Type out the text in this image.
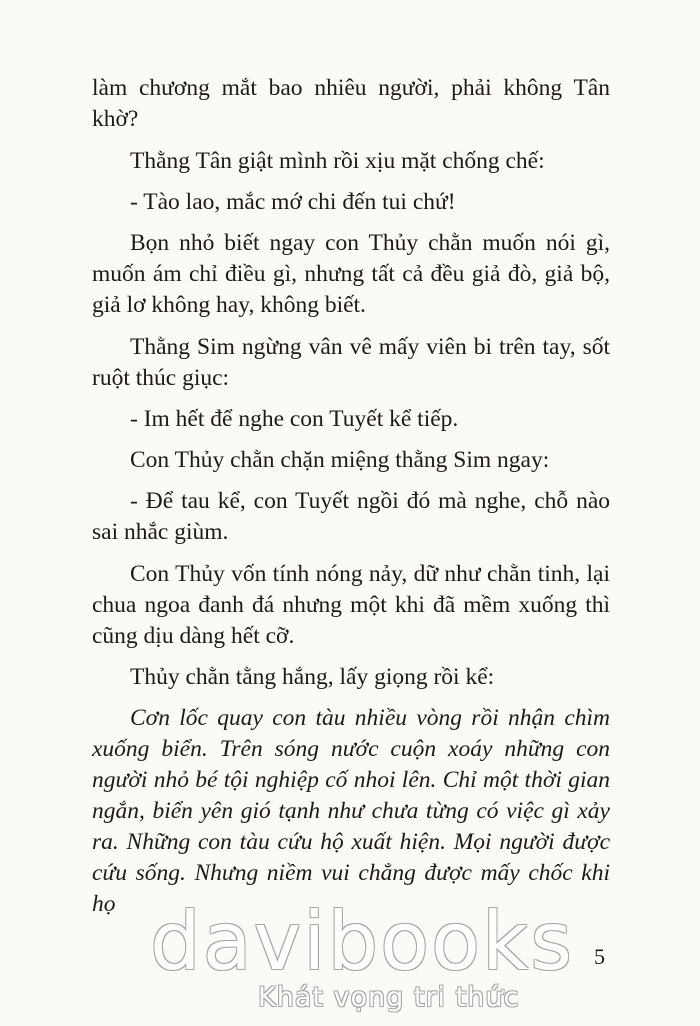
làm chương mắt bao nhiêu người, phải không Tân khờ?

Thằng Tân giật mình rồi xịu mặt chống chế:

- Tào lao, mắc mớ chi đến tui chứ!

Bọn nhỏ biết ngay con Thủy chằn muốn nói gì, muốn ám chỉ điều gì, nhưng tất cả đều giả đò, giả bộ, giả lơ không hay, không biết.

Thằng Sim ngừng vân vê mấy viên bi trên tay, sốt ruột thúc giục:

- Im hết để nghe con Tuyết kể tiếp.

Con Thủy chằn chặn miệng thằng Sim ngay:

- Để tau kể, con Tuyết ngồi đó mà nghe, chỗ nào sai nhắc giùm.

Con Thủy vốn tính nóng nảy, dữ như chằn tinh, lại chua ngoa đanh đá nhưng một khi đã mềm xuống thì cũng dịu dàng hết cỡ.

Thủy chằn tằng hắng, lấy giọng rồi kể:

Cơn lốc quay con tàu nhiều vòng rồi nhận chìm xuống biển. Trên sóng nước cuộn xoáy những con người nhỏ bé tội nghiệp cố nhoi lên. Chỉ một thời gian ngắn, biển yên gió tạnh như chưa từng có việc gì xảy ra. Những con tàu cứu hộ xuất hiện. Mọi người được cứu sống. Nhưng niềm vui chẳng được mấy chốc khi họ

5
davibooks
Khát vọng tri thức
